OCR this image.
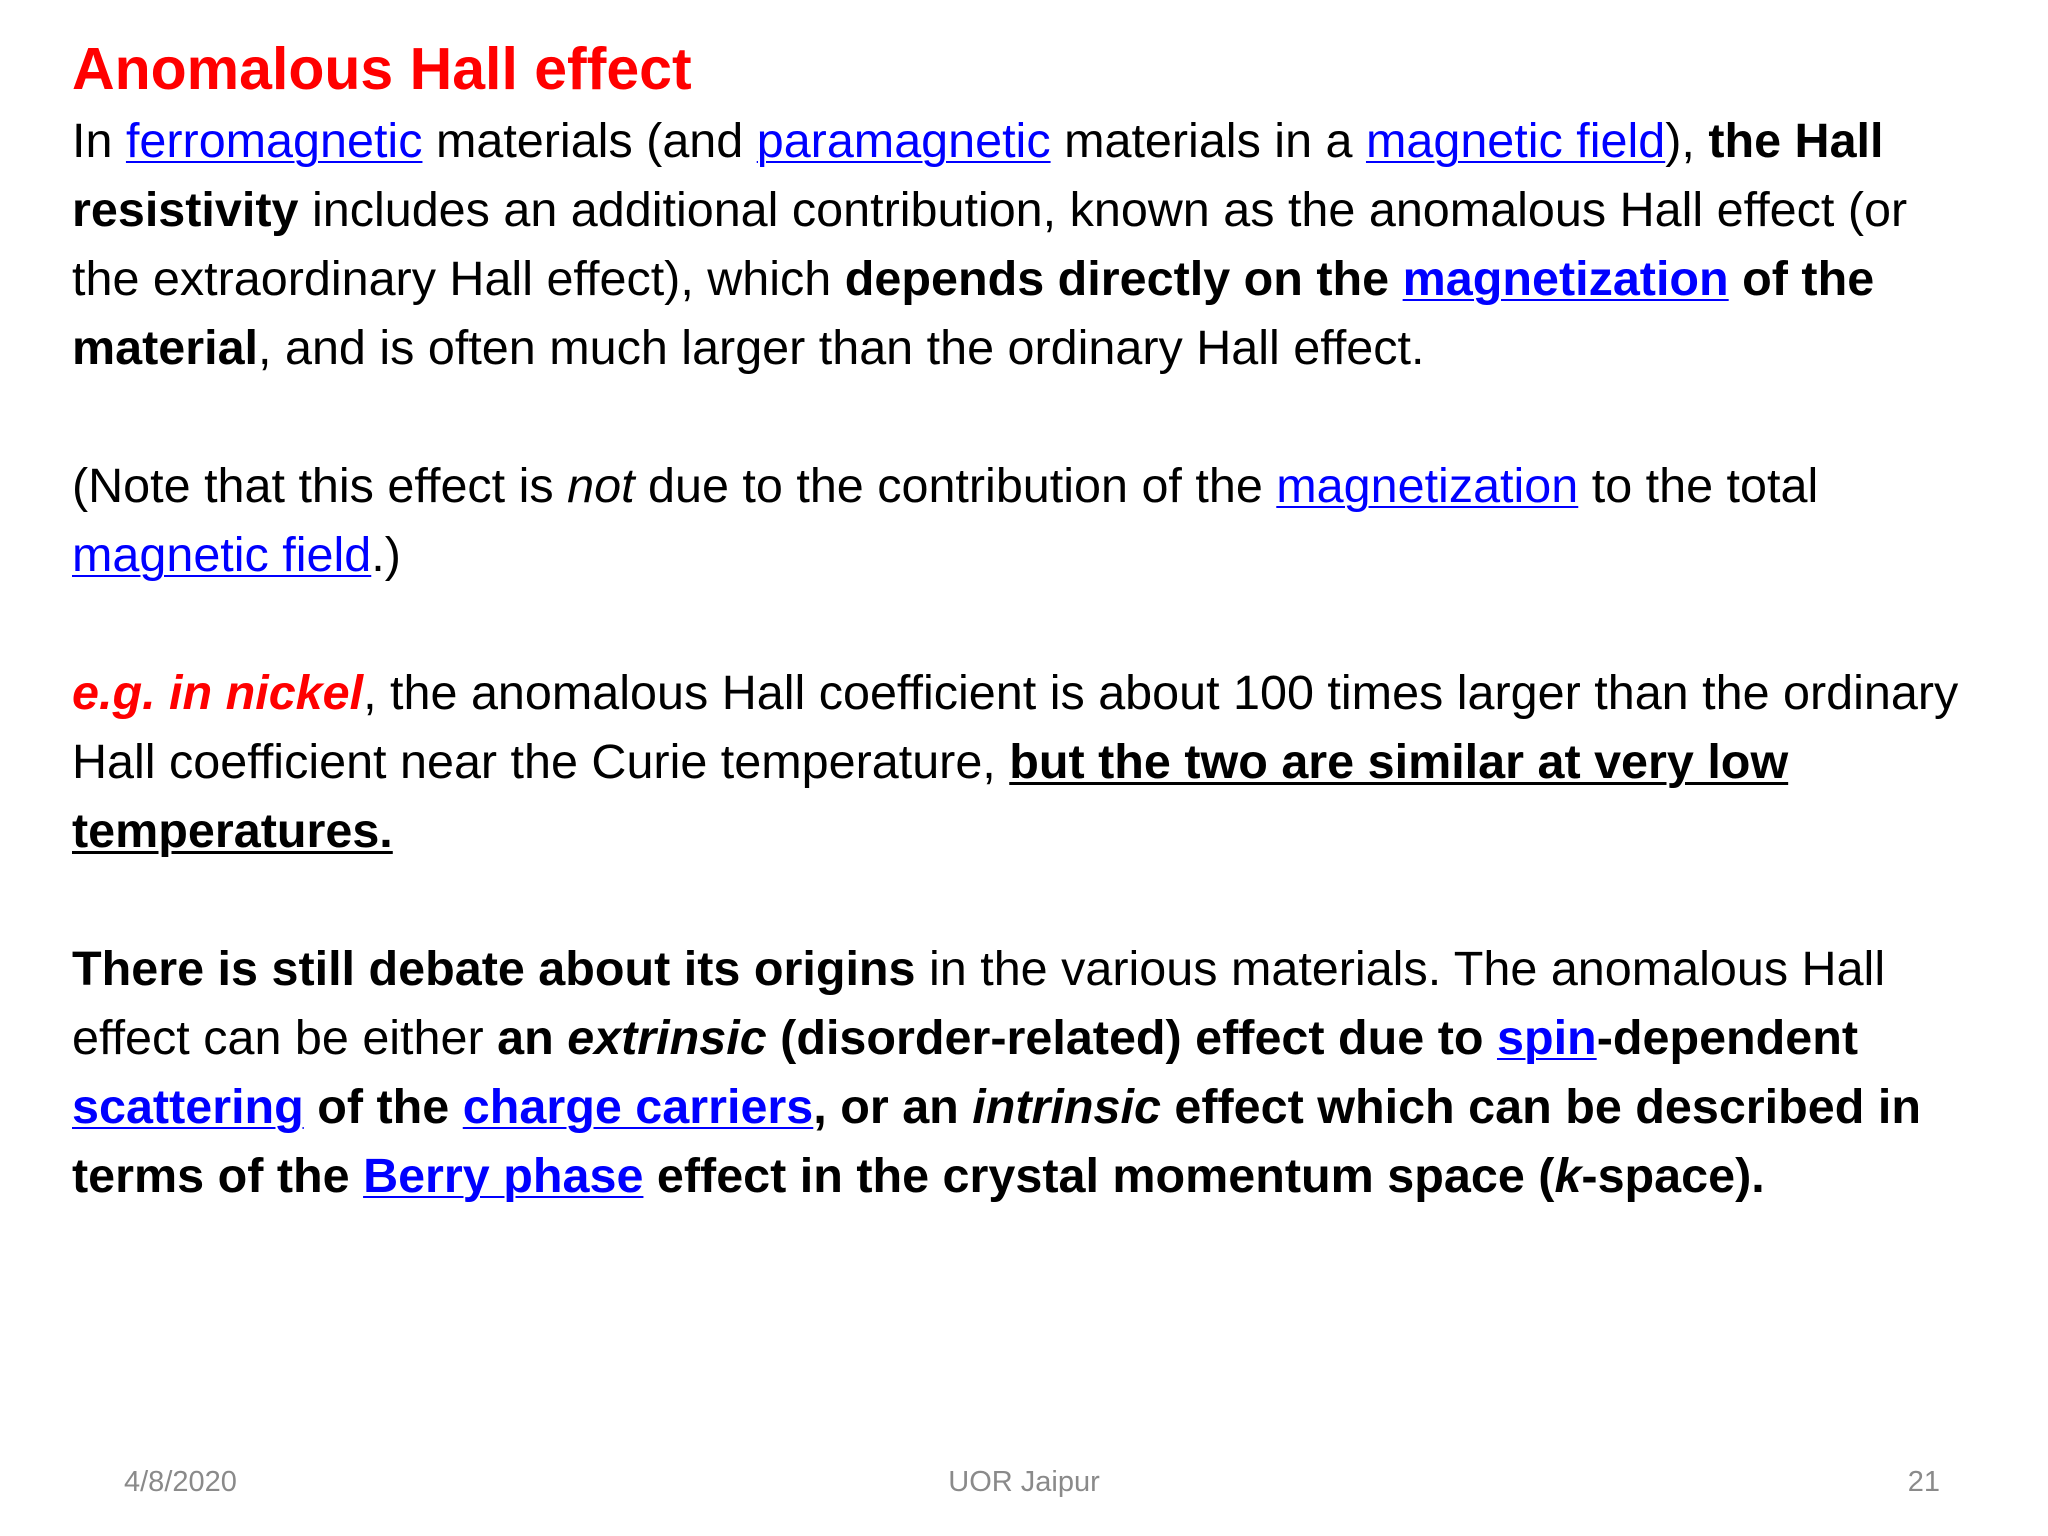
Anomalous Hall effect

In ferromagnetic materials (and paramagnetic materials in a magnetic field), the Hall resistivity includes an additional contribution, known as the anomalous Hall effect (or the extraordinary Hall effect), which depends directly on the magnetization of the material, and is often much larger than the ordinary Hall effect.

(Note that this effect is not due to the contribution of the magnetization to the total magnetic field.)

e.g. in nickel, the anomalous Hall coefficient is about 100 times larger than the ordinary Hall coefficient near the Curie temperature, but the two are similar at very low temperatures.

There is still debate about its origins in the various materials. The anomalous Hall effect can be either an extrinsic (disorder-related) effect due to spin-dependent scattering of the charge carriers, or an intrinsic effect which can be described in terms of the Berry phase effect in the crystal momentum space (k-space).

4/8/2020	UOR Jaipur	21
